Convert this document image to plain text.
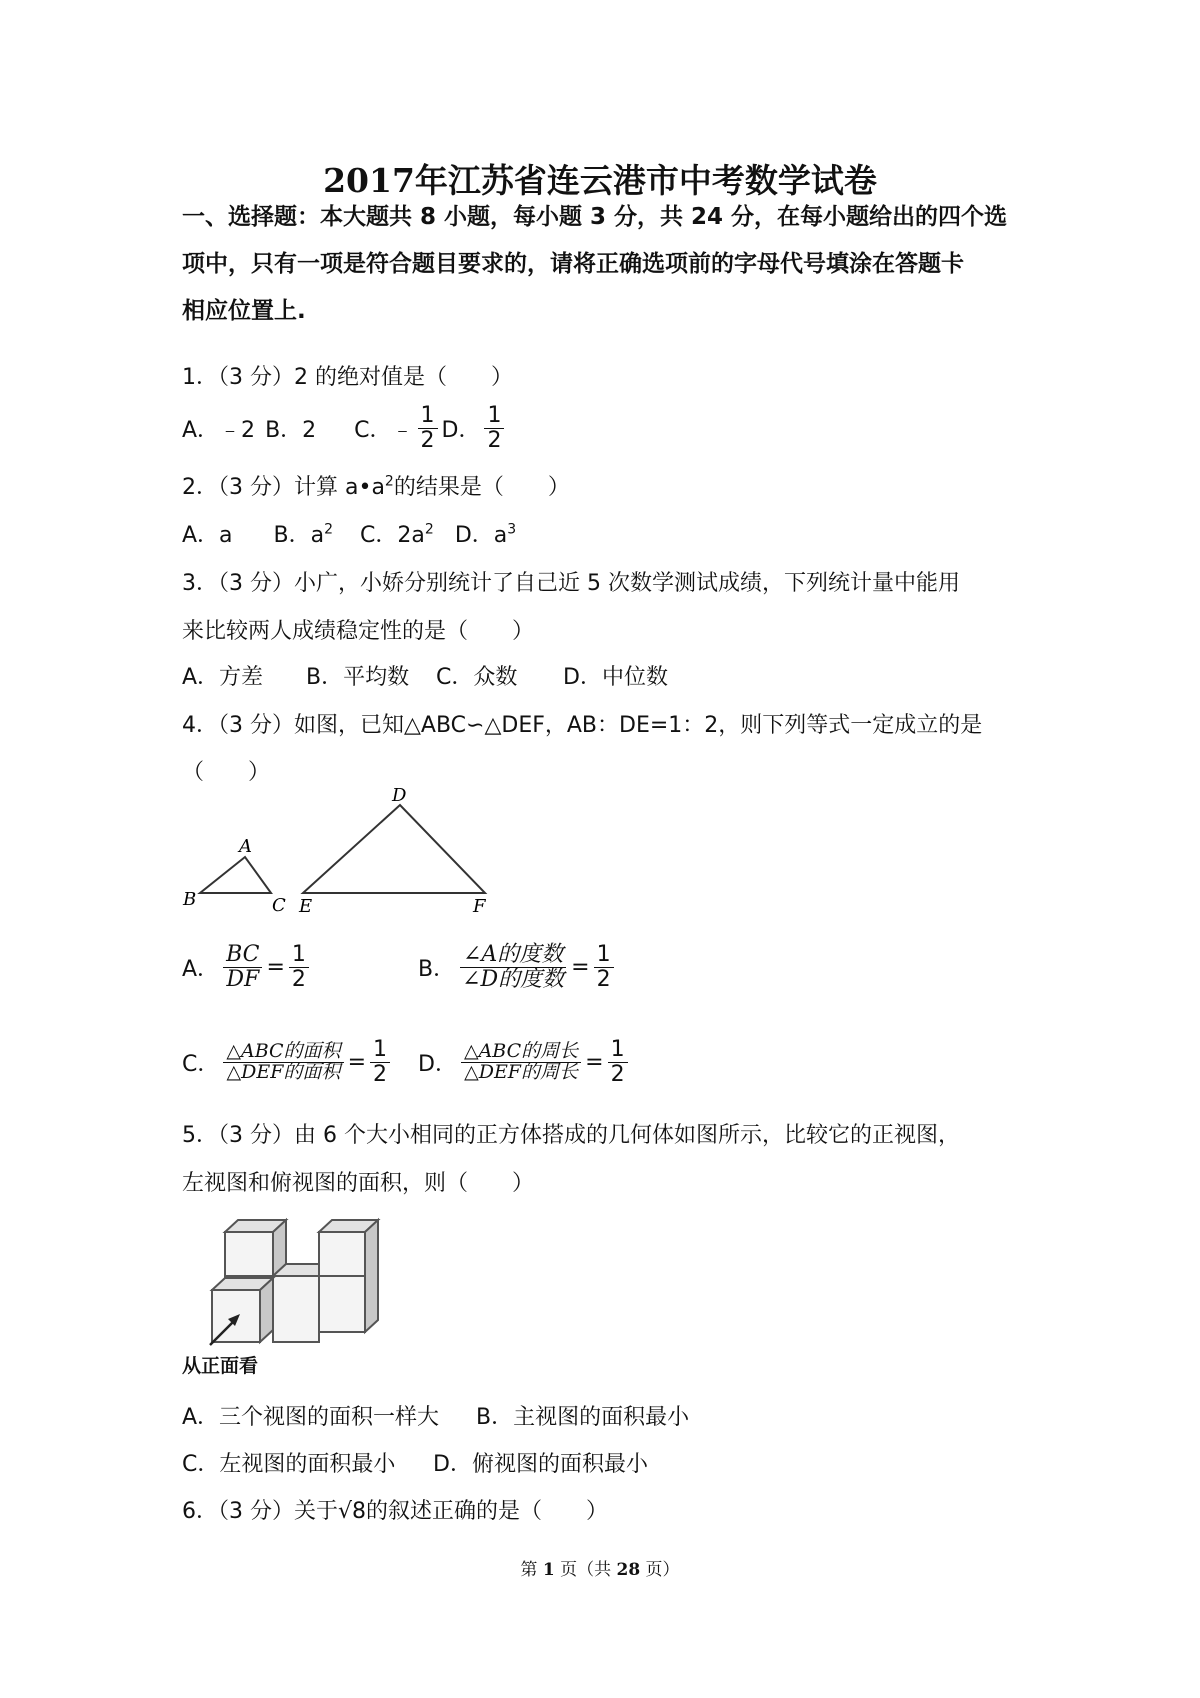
2017年江苏省连云港市中考数学试卷
一、选择题：本大题共 8 小题，每小题 3 分，共 24 分，在每小题给出的四个选
项中，只有一项是符合题目要求的，请将正确选项前的字母代号填涂在答题卡
相应位置上.
1．（3 分）2 的绝对值是（　　）
A．﹣2 B．2 C．﹣ $\frac{1}{2}$ D． $\frac{1}{2}$
2．（3 分）计算 $a•a^2$的结果是（　　）
A．a B．$a^2$ C．$2a^2$ D．$a^3$
3．（3 分）小广，小娇分别统计了自己近 5 次数学测试成绩，下列统计量中能用
来比较两人成绩稳定性的是（　　）
A．方差 B．平均数 C．众数 D．中位数
4．（3 分）如图，已知△ABC∽△DEF，AB：DE=1：2，则下列等式一定成立的是
（　　）
A
B	C
D
E	F
A． $\frac{BC}{DF} = \frac{1}{2}$	B． $\frac{\text{∠A的度数}}{\text{∠D的度数}} = \frac{1}{2}$
C． $\frac{\text{△ABC的面积}}{\text{△DEF的面积}} = \frac{1}{2}$ D． $\frac{\text{△ABC的周长}}{\text{△DEF的周长}} = \frac{1}{2}$
5．（3 分）由 6 个大小相同的正方体搭成的几何体如图所示，比较它的正视图，
左视图和俯视图的面积，则（　　）
从正面看
A．三个视图的面积一样大 B．主视图的面积最小
C．左视图的面积最小 D．俯视图的面积最小
6．（3 分）关于√8的叙述正确的是（　　）
第 1 页（共 28 页）
